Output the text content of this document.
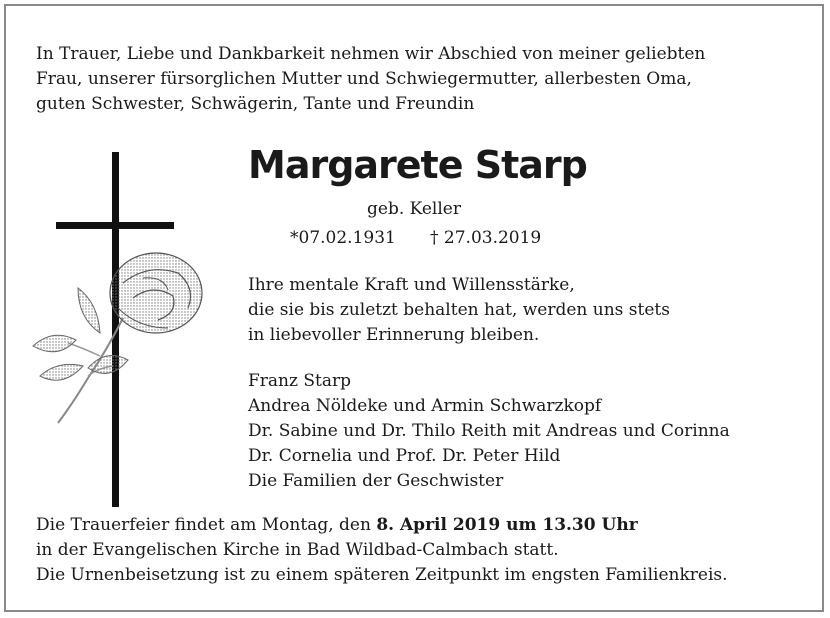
In Trauer, Liebe und Dankbarkeit nehmen wir Abschied von meiner geliebten
Frau, unserer fürsorglichen Mutter und Schwiegermutter, allerbesten Oma,
guten Schwester, Schwägerin, Tante und Freundin
Margarete Starp
geb. Keller
*07.02.1931 † 27.03.2019
Ihre mentale Kraft und Willensstärke,
die sie bis zuletzt behalten hat, werden uns stets
in liebevoller Erinnerung bleiben.
Franz Starp
Andrea Nöldeke und Armin Schwarzkopf
Dr. Sabine und Dr. Thilo Reith mit Andreas und Corinna
Dr. Cornelia und Prof. Dr. Peter Hild
Die Familien der Geschwister
Die Trauerfeier findet am Montag, den 8. April 2019 um 13.30 Uhr
in der Evangelischen Kirche in Bad Wildbad-Calmbach statt.
Die Urnenbeisetzung ist zu einem späteren Zeitpunkt im engsten Familienkreis.
